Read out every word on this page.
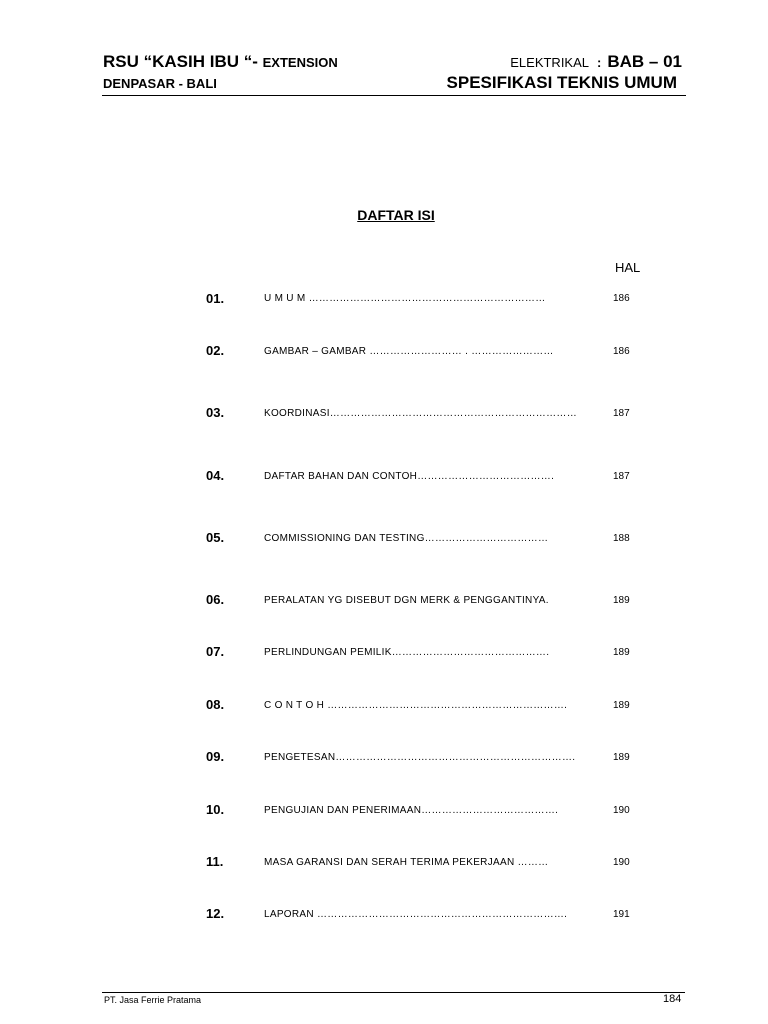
RSU “KASIH IBU “- EXTENSION
DENPASAR - BALI
ELEKTRIKAL : BAB – 01
SPESIFIKASI TEKNIS UMUM
DAFTAR ISI
HAL
01.	U M U M ……………………………………………………………	186
02.	GAMBAR – GAMBAR ……………………… . ……………………	186
03.	KOORDINASI………………………………………………………………	187
04.	DAFTAR BAHAN DAN CONTOH………………………………….	187
05.	COMMISSIONING DAN TESTING………………………………	188
06.	PERALATAN YG DISEBUT DGN MERK & PENGGANTINYA.	189
07.	PERLINDUNGAN PEMILIK……………………………………….	189
08.	C O N T O H …………………………………………………………….	189
09.	PENGETESAN…………………………………………………………….	189
10.	PENGUJIAN DAN PENERIMAAN………………………………….	190
11.	MASA GARANSI DAN SERAH TERIMA PEKERJAAN ………	190
12.	LAPORAN ……………………………………………………………….	191
PT. Jasa Ferrie Pratama	184
